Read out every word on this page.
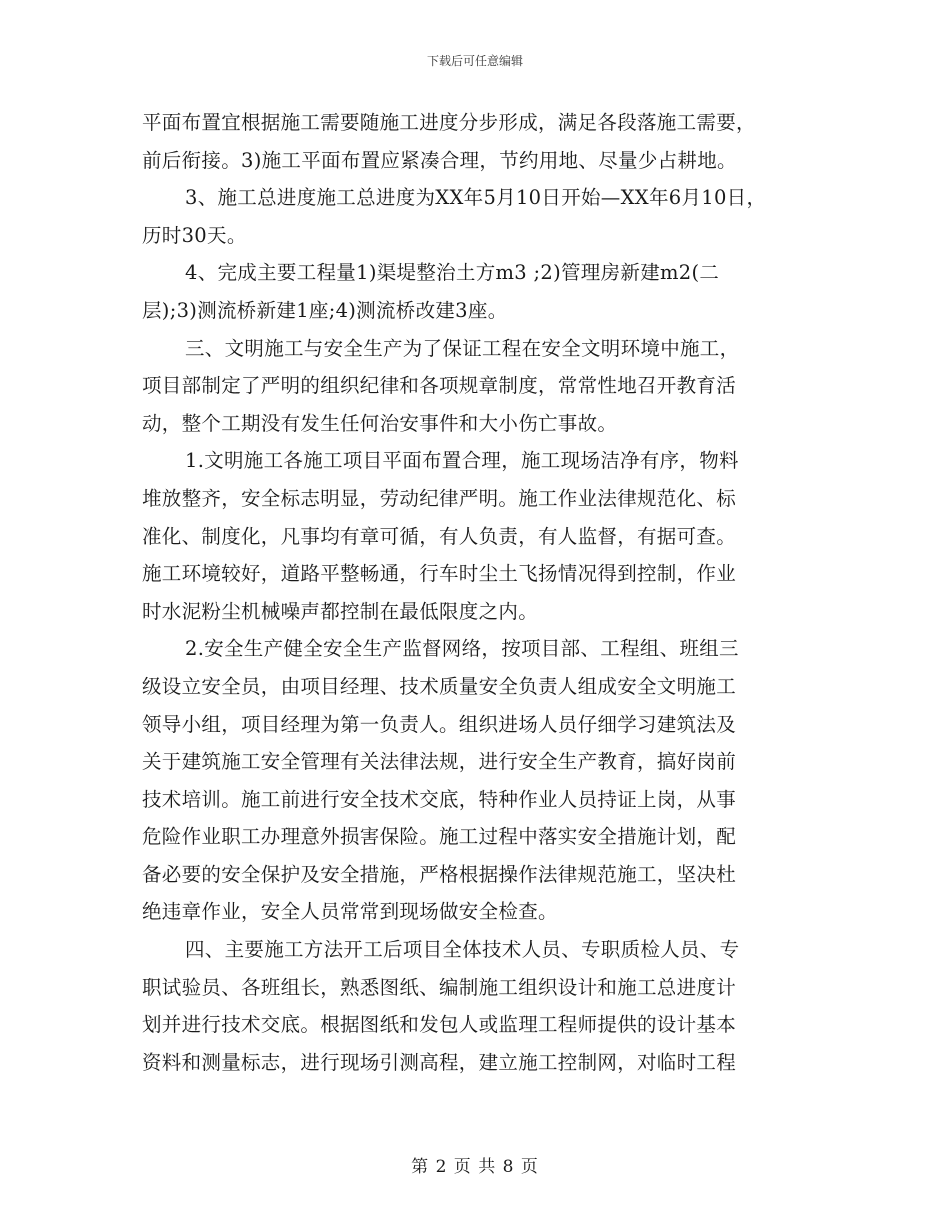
下载后可任意编辑
平面布置宜根据施工需要随施工进度分步形成，满足各段落施工需要，
前后衔接。3)施工平面布置应紧凑合理，节约用地、尽量少占耕地。
3、施工总进度施工总进度为XX年5月10日开始—XX年6月10日，
历时30天。
4、完成主要工程量1)渠堤整治土方m3 ;2)管理房新建m2(二
层);3)测流桥新建1座;4)测流桥改建3座。
三、文明施工与安全生产为了保证工程在安全文明环境中施工，
项目部制定了严明的组织纪律和各项规章制度，常常性地召开教育活
动，整个工期没有发生任何治安事件和大小伤亡事故。
1.文明施工各施工项目平面布置合理，施工现场洁净有序，物料
堆放整齐，安全标志明显，劳动纪律严明。施工作业法律规范化、标
准化、制度化，凡事均有章可循，有人负责，有人监督，有据可查。
施工环境较好，道路平整畅通，行车时尘土飞扬情况得到控制，作业
时水泥粉尘机械噪声都控制在最低限度之内。
2.安全生产健全安全生产监督网络，按项目部、工程组、班组三
级设立安全员，由项目经理、技术质量安全负责人组成安全文明施工
领导小组，项目经理为第一负责人。组织进场人员仔细学习建筑法及
关于建筑施工安全管理有关法律法规，进行安全生产教育，搞好岗前
技术培训。施工前进行安全技术交底，特种作业人员持证上岗，从事
危险作业职工办理意外损害保险。施工过程中落实安全措施计划，配
备必要的安全保护及安全措施，严格根据操作法律规范施工，坚决杜
绝违章作业，安全人员常常到现场做安全检查。
四、主要施工方法开工后项目全体技术人员、专职质检人员、专
职试验员、各班组长，熟悉图纸、编制施工组织设计和施工总进度计
划并进行技术交底。根据图纸和发包人或监理工程师提供的设计基本
资料和测量标志，进行现场引测高程，建立施工控制网，对临时工程
第 2 页 共 8 页
